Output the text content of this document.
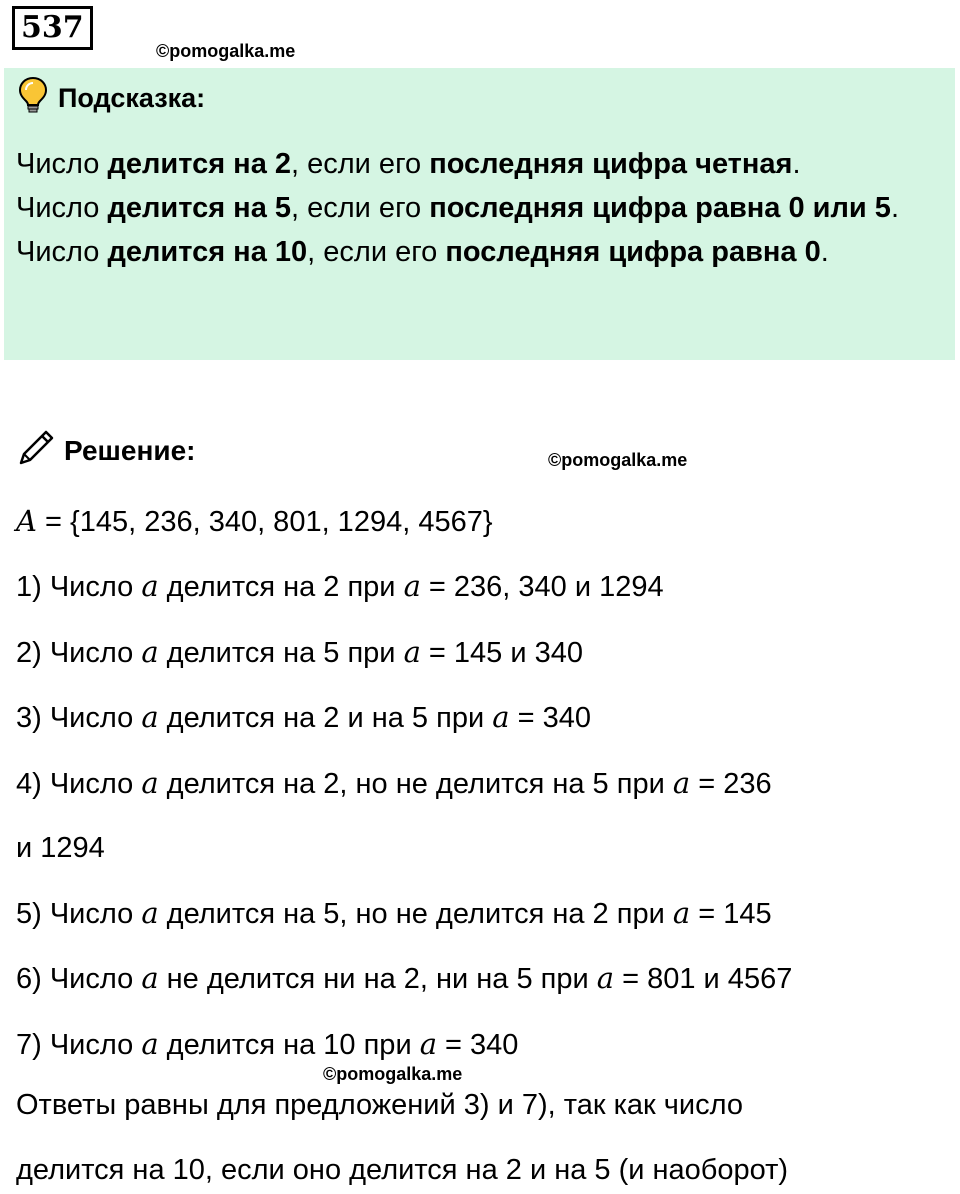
537
©pomogalka.me
Подсказка:

Число делится на 2, если его последняя цифра четная.

Число делится на 5, если его последняя цифра равна 0 или 5.

Число делится на 10, если его последняя цифра равна 0.

Решение:	©pomogalka.me
A = {145, 236, 340, 801, 1294, 4567}
1) Число a делится на 2 при a = 236, 340 и 1294
2) Число a делится на 5 при a = 145 и 340
3) Число a делится на 2 и на 5 при a = 340
4) Число a делится на 2, но не делится на 5 при a = 236
и 1294
5) Число a делится на 5, но не делится на 2 при a = 145
6) Число a не делится ни на 2, ни на 5 при a = 801 и 4567
7) Число a делится на 10 при a = 340
©pomogalka.me
Ответы равны для предложений 3) и 7), так как число
делится на 10, если оно делится на 2 и на 5 (и наоборот)
